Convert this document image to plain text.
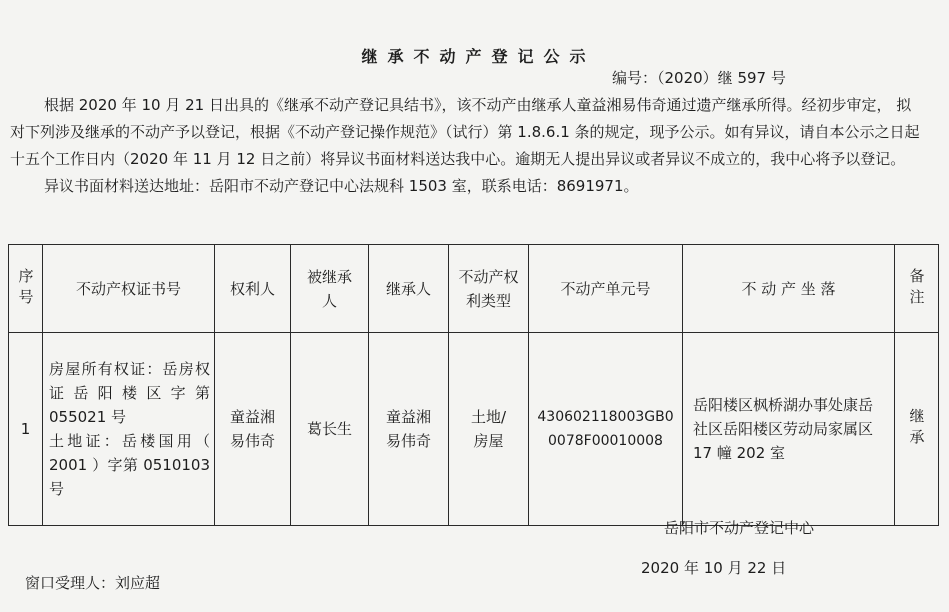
继承不动产登记公示
编号：（2020）继 597 号

根据 2020 年 10 月 21 日出具的《继承不动产登记具结书》，该不动产由继承人童益湘易伟奇通过遗产继承所得。经初步审定， 拟对下列涉及继承的不动产予以登记，根据《不动产登记操作规范》（试行）第 1.8.6.1 条的规定，现予公示。如有异议，请自本公示之日起十五个工作日内（2020 年 11 月 12 日之前）将异议书面材料送达我中心。逾期无人提出异议或者异议不成立的，我中心将予以登记。

异议书面材料送达地址：岳阳市不动产登记中心法规科 1503 室，联系电话：8691971。

序号	不动产权证书号	权利人	被继承人	继承人	不动产权利类型	不动产单元号	不 动 产 坐 落	备注

1	房屋所有权证：岳房权证岳阳楼区字第 055021 号
土地证：岳楼国用（ 2001 ）字第 0510103 号	童益湘易伟奇	葛长生	童益湘易伟奇	土地/房屋	430602118003GB00078F00010008	岳阳楼区枫桥湖办事处康岳社区岳阳楼区劳动局家属区 17 幢 202 室	继承
岳阳市不动产登记中心
2020 年 10 月 22 日
窗口受理人：刘应超
